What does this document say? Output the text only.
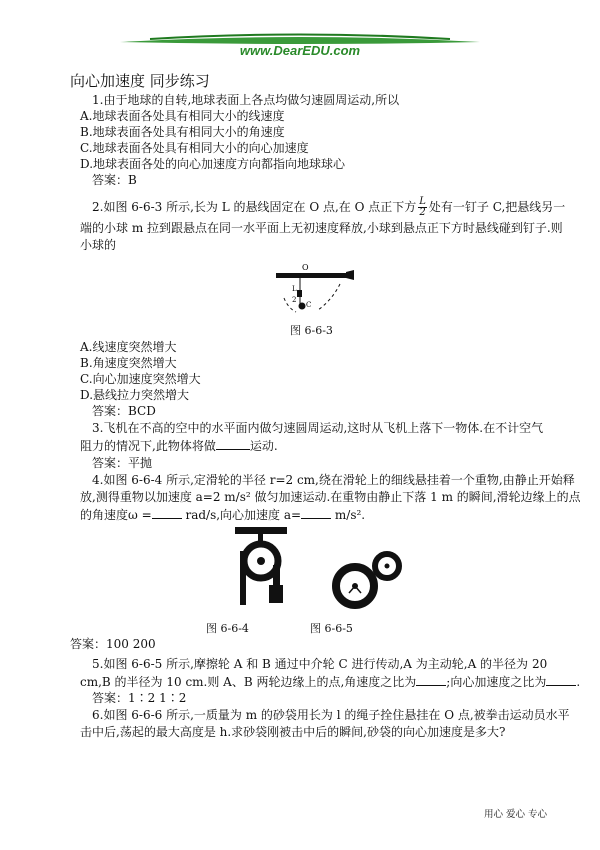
www.DearEDU.com
向心加速度 同步练习
1.由于地球的自转,地球表面上各点均做匀速圆周运动,所以
A.地球表面各处具有相同大小的线速度
B.地球表面各处具有相同大小的角速度
C.地球表面各处具有相同大小的向心加速度
D.地球表面各处的向心加速度方向都指向地球球心
答案：B
2.如图 6-6-3 所示,长为 L 的悬线固定在 O 点,在 O 点正下方 $\frac{L}{2}$ 处有一钉子 C,把悬线另一
端的小球 m 拉到跟悬点在同一水平面上无初速度释放,小球到悬点正下方时悬线碰到钉子.则
小球的
O
L
2
C
图 6-6-3
A.线速度突然增大
B.角速度突然增大
C.向心加速度突然增大
D.悬线拉力突然增大
答案：BCD
3.飞机在不高的空中的水平面内做匀速圆周运动,这时从飞机上落下一物体.在不计空气
阻力的情况下,此物体将做	运动.
答案：平抛
4.如图 6-6-4 所示,定滑轮的半径 r=2 cm,绕在滑轮上的细线悬挂着一个重物,由静止开始释
放,测得重物以加速度 a=2 m/s² 做匀加速运动.在重物由静止下落 1 m 的瞬间,滑轮边缘上的点
的角速度ω =	rad/s,向心加速度 a=	m/s².
图 6-6-4	图 6-6-5
答案：100 200
5.如图 6-6-5 所示,摩擦轮 A 和 B 通过中介轮 C 进行传动,A 为主动轮,A 的半径为 20
cm,B 的半径为 10 cm.则 A、B 两轮边缘上的点,角速度之比为	;向心加速度之比为	.
答案：1∶2 1∶2
6.如图 6-6-6 所示,一质量为 m 的砂袋用长为 l 的绳子拴住悬挂在 O 点,被拳击运动员水平
击中后,荡起的最大高度是 h.求砂袋刚被击中后的瞬间,砂袋的向心加速度是多大?
用心 爱心 专心
